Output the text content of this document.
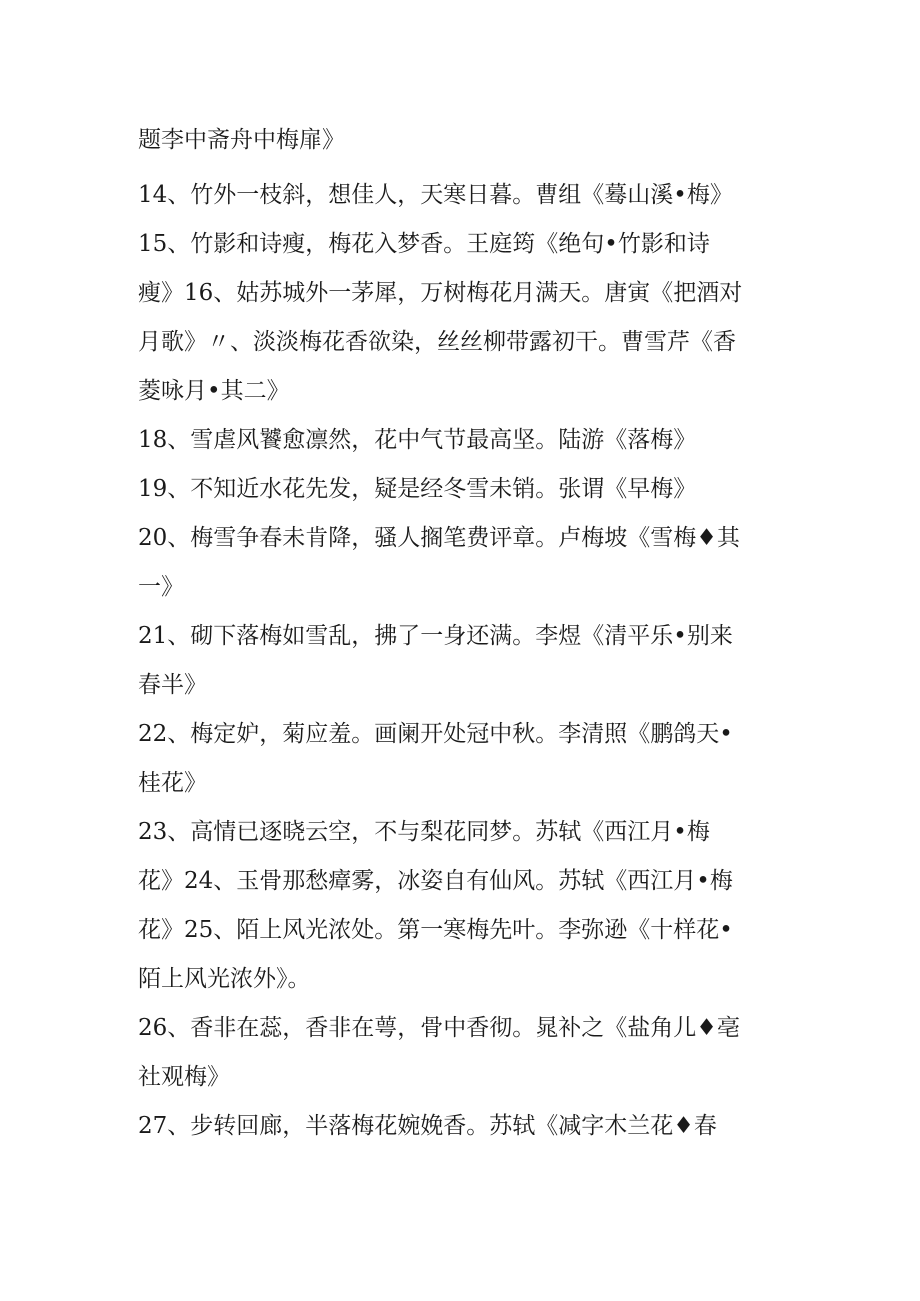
题李中斋舟中梅扉》
14、竹外一枝斜，想佳人，天寒日暮。曹组《蓦山溪•梅》
15、竹影和诗瘦，梅花入梦香。王庭筠《绝句•竹影和诗
瘦》16、姑苏城外一茅犀，万树梅花月满天。唐寅《把酒对
月歌》〃、淡淡梅花香欲染，丝丝柳带露初干。曹雪芹《香
菱咏月•其二》
18、雪虐风饕愈凛然，花中气节最高坚。陆游《落梅》
19、不知近水花先发，疑是经冬雪未销。张谓《早梅》
20、梅雪争春未肯降，骚人搁笔费评章。卢梅坡《雪梅♦其
一》
21、砌下落梅如雪乱，拂了一身还满。李煜《清平乐•别来
春半》
22、梅定妒，菊应羞。画阑开处冠中秋。李清照《鹏鸽天•
桂花》
23、高情已逐晓云空，不与梨花同梦。苏轼《西江月•梅
花》24、玉骨那愁瘴雾，冰姿自有仙风。苏轼《西江月•梅
花》25、陌上风光浓处。第一寒梅先叶。李弥逊《十样花•
陌上风光浓外》。
26、香非在蕊，香非在萼，骨中香彻。晁补之《盐角儿♦亳
社观梅》
27、步转回廊，半落梅花婉娩香。苏轼《减字木兰花♦春
